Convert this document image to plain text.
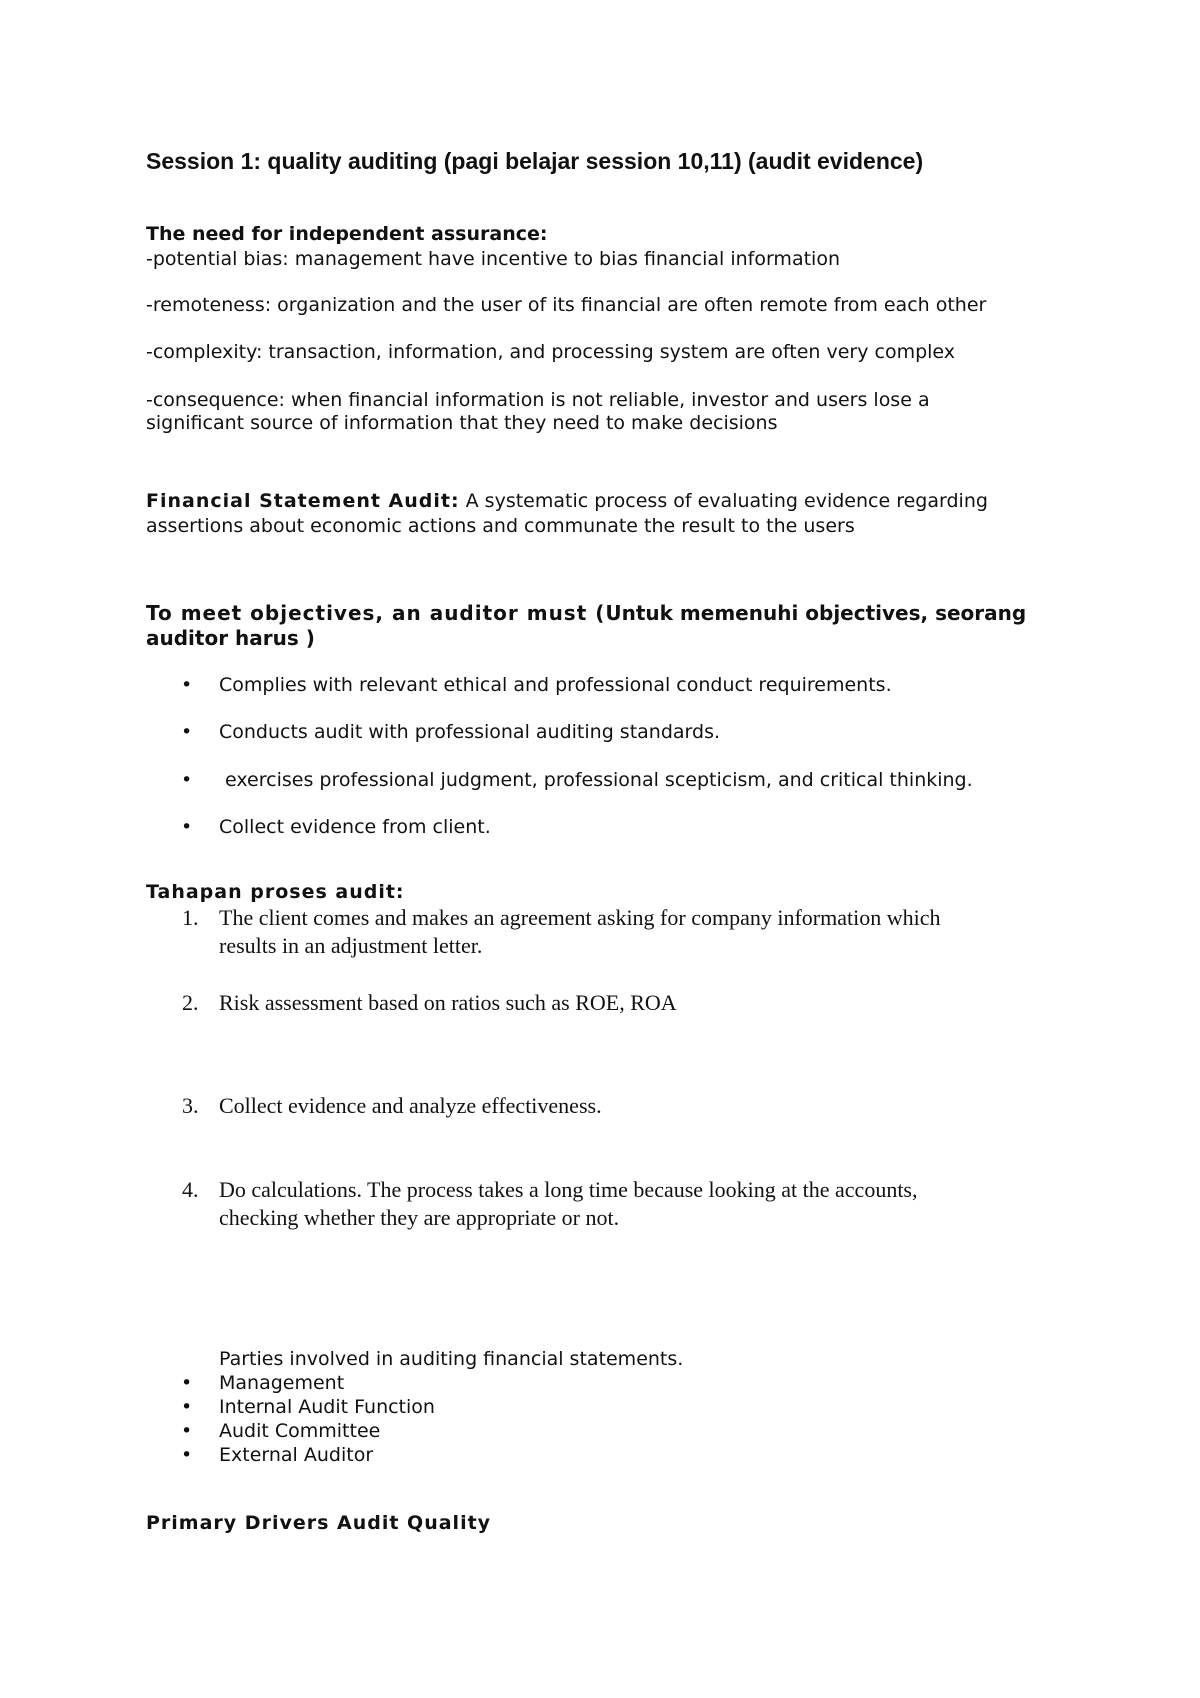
Session 1: quality auditing (pagi belajar session 10,11) (audit evidence)
The need for independent assurance:
-potential bias: management have incentive to bias financial information
-remoteness: organization and the user of its financial are often remote from each other
-complexity: transaction, information, and processing system are often very complex
-consequence: when financial information is not reliable, investor and users lose a
significant source of information that they need to make decisions
Financial Statement Audit: A systematic process of evaluating evidence regarding
assertions about economic actions and communate the result to the users
To meet objectives, an auditor must (Untuk memenuhi objectives, seorang
auditor harus )
• Complies with relevant ethical and professional conduct requirements.
• Conducts audit with professional auditing standards.
• exercises professional judgment, professional scepticism, and critical thinking.
• Collect evidence from client.
Tahapan proses audit:
1. The client comes and makes an agreement asking for company information which
results in an adjustment letter.
2. Risk assessment based on ratios such as ROE, ROA
3. Collect evidence and analyze effectiveness.
4. Do calculations. The process takes a long time because looking at the accounts,
checking whether they are appropriate or not.
Parties involved in auditing financial statements.
• Management
• Internal Audit Function
• Audit Committee
• External Auditor
Primary Drivers Audit Quality
